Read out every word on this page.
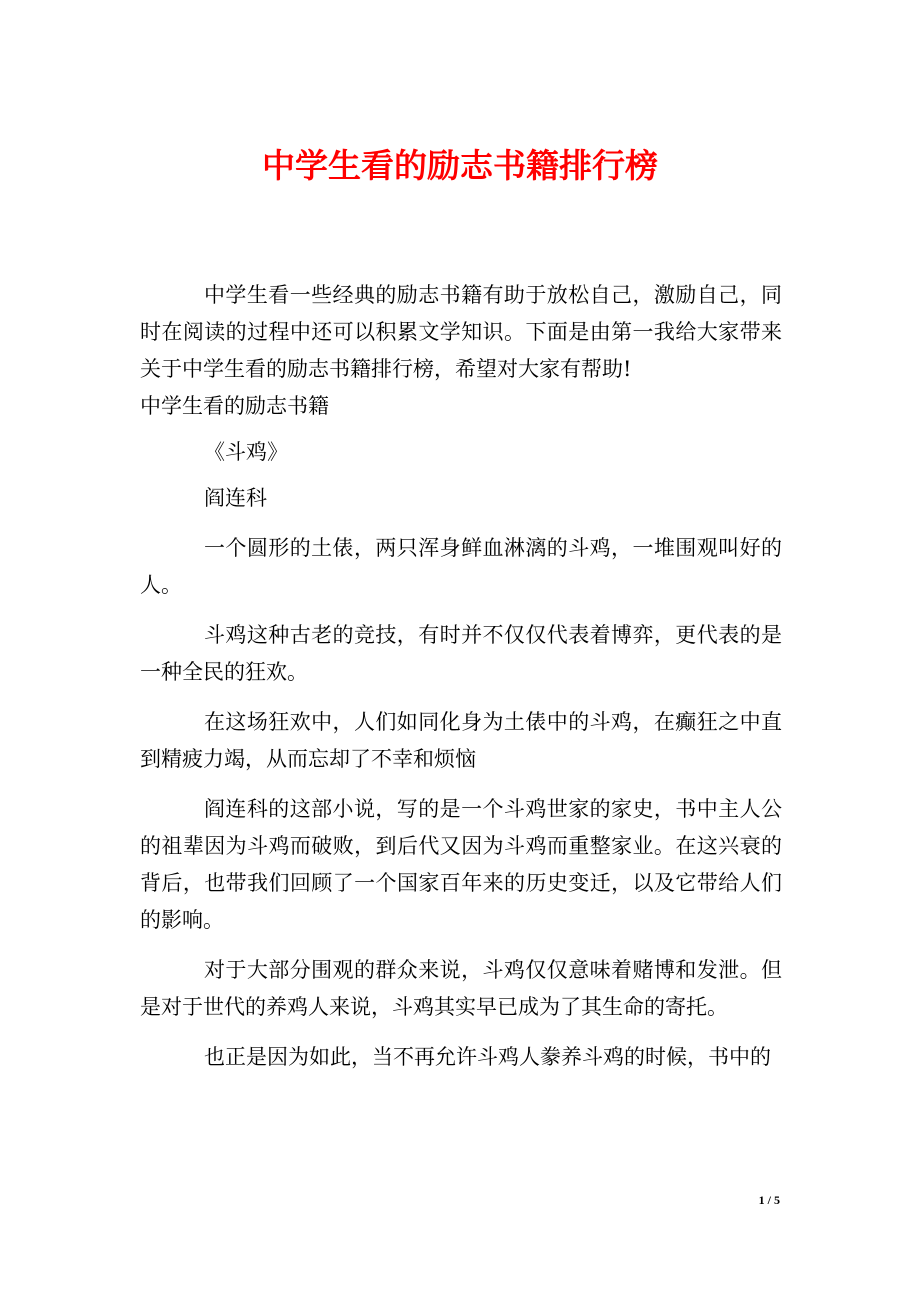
中学生看的励志书籍排行榜

中学生看一些经典的励志书籍有助于放松自己，激励自己，同时在阅读的过程中还可以积累文学知识。下面是由第一我给大家带来关于中学生看的励志书籍排行榜，希望对大家有帮助!

中学生看的励志书籍

《斗鸡》

阎连科

一个圆形的土俵，两只浑身鲜血淋漓的斗鸡，一堆围观叫好的人。

斗鸡这种古老的竞技，有时并不仅仅代表着博弈，更代表的是一种全民的狂欢。

在这场狂欢中，人们如同化身为土俵中的斗鸡，在癫狂之中直到精疲力竭，从而忘却了不幸和烦恼

阎连科的这部小说，写的是一个斗鸡世家的家史，书中主人公的祖辈因为斗鸡而破败，到后代又因为斗鸡而重整家业。在这兴衰的背后，也带我们回顾了一个国家百年来的历史变迁，以及它带给人们的影响。

对于大部分围观的群众来说，斗鸡仅仅意味着赌博和发泄。但是对于世代的养鸡人来说，斗鸡其实早已成为了其生命的寄托。

也正是因为如此，当不再允许斗鸡人豢养斗鸡的时候，书中的

1 / 5
